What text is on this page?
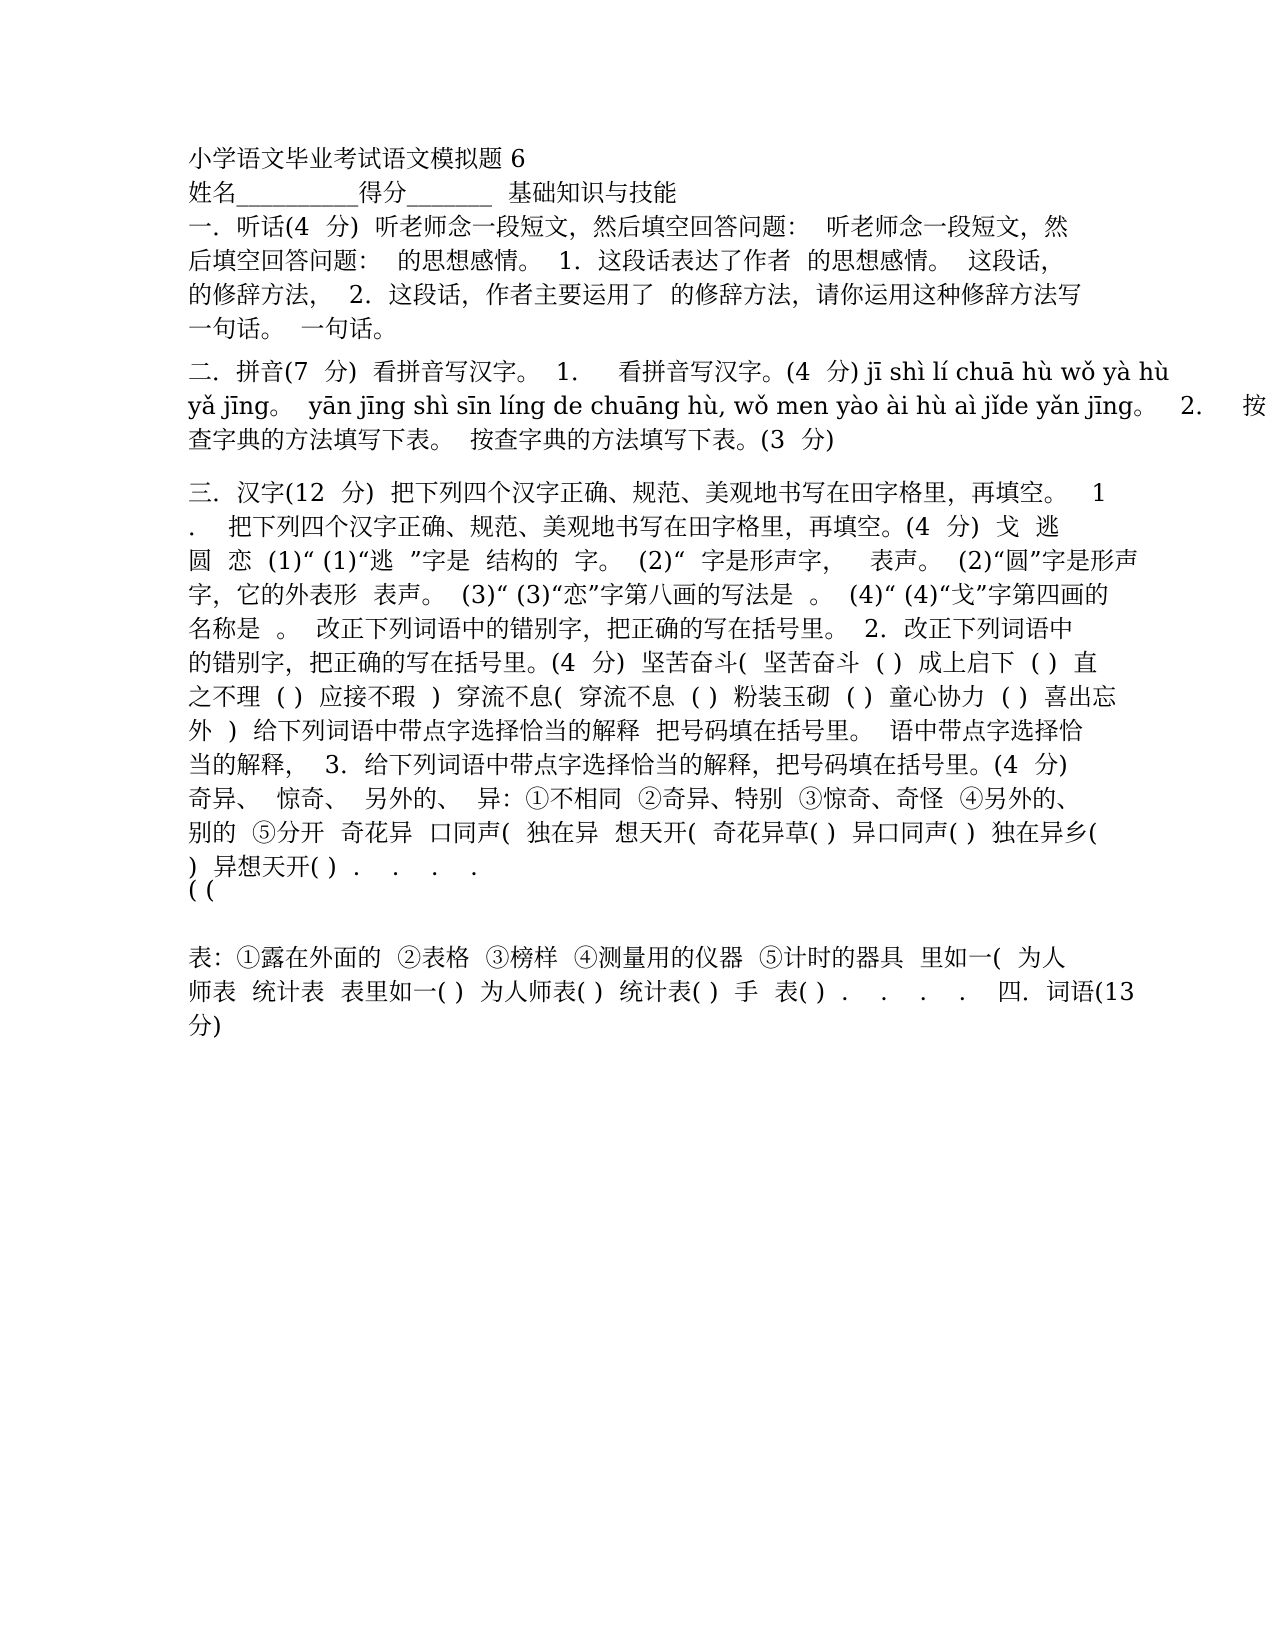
小学语文毕业考试语文模拟题 6
姓名__________得分_______  基础知识与技能
一．听话(4  分)  听老师念一段短文，然后填空回答问题：  听老师念一段短文，然
后填空回答问题：  的思想感情。  1．这段话表达了作者  的思想感情。  这段话，
的修辞方法，  2．这段话，作者主要运用了  的修辞方法，请你运用这种修辞方法写
一句话。  一句话。
二．拼音(7  分)  看拼音写汉字。  1．   看拼音写汉字。(4  分) jī shì lí chuā hù wǒ yà hù
yǎ jīng。  yān jīng shì sīn líng de chuāng hù, wǒ men yào ài hù aì jǐde yǎn jīng。   2．   按
查字典的方法填写下表。  按查字典的方法填写下表。(3  分)
三．汉字(12  分)  把下列四个汉字正确、规范、美观地书写在田字格里，再填空。   1
．  把下列四个汉字正确、规范、美观地书写在田字格里，再填空。(4  分)  戈  逃
圆  恋  (1)“ (1)“逃  ”字是  结构的  字。  (2)“  字是形声字，   表声。  (2)“圆”字是形声
字，它的外表形  表声。  (3)“ (3)“恋”字第八画的写法是  。  (4)“ (4)“戈”字第四画的
名称是  。  改正下列词语中的错别字，把正确的写在括号里。  2．改正下列词语中
的错别字，把正确的写在括号里。(4  分)  坚苦奋斗(  坚苦奋斗  ( )  成上启下  ( )  直
之不理  ( )  应接不瑕  )  穿流不息(  穿流不息  ( )  粉装玉砌  ( )  童心协力  ( )  喜出忘
外  )  给下列词语中带点字选择恰当的解释  把号码填在括号里。  语中带点字选择恰
当的解释，  3．给下列词语中带点字选择恰当的解释，把号码填在括号里。(4  分)
奇异、  惊奇、  另外的、  异：①不相同  ②奇异、特别  ③惊奇、奇怪  ④另外的、
别的  ⑤分开  奇花异  口同声(  独在异  想天开(  奇花异草( )  异口同声( )  独在异乡(
)  异想天开( )  .    .    .    .
( (
表：①露在外面的  ②表格  ③榜样  ④测量用的仪器  ⑤计时的器具  里如一(  为人
师表  统计表  表里如一( )  为人师表( )  统计表( )  手  表( )  .    .    .    .    四．词语(13
分)
